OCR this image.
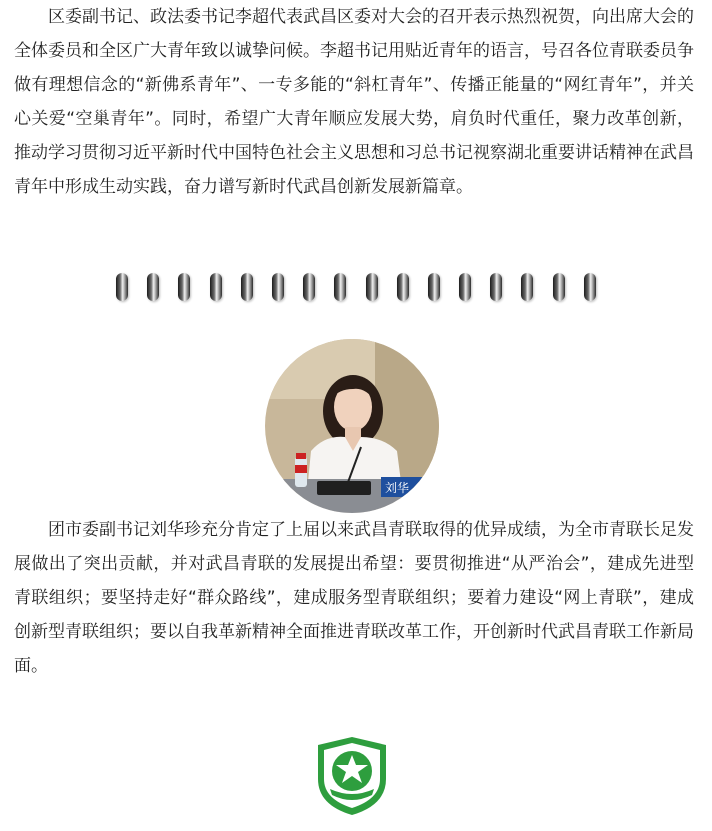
区委副书记、政法委书记李超代表武昌区委对大会的召开表示热烈祝贺，向出席大会的全体委员和全区广大青年致以诚挚问候。李超书记用贴近青年的语言，号召各位青联委员争做有理想信念的“新佛系青年”、一专多能的“斜杠青年”、传播正能量的“网红青年”，并关心关爱“空巢青年”。同时，希望广大青年顺应发展大势，肩负时代重任，聚力改革创新，推动学习贯彻习近平新时代中国特色社会主义思想和习总书记视察湖北重要讲话精神在武昌青年中形成生动实践，奋力谱写新时代武昌创新发展新篇章。

刘华

团市委副书记刘华珍充分肯定了上届以来武昌青联取得的优异成绩，为全市青联长足发展做出了突出贡献，并对武昌青联的发展提出希望：要贯彻推进“从严治会”，建成先进型青联组织；要坚持走好“群众路线”，建成服务型青联组织；要着力建设“网上青联”，建成创新型青联组织；要以自我革新精神全面推进青联改革工作，开创新时代武昌青联工作新局面。
